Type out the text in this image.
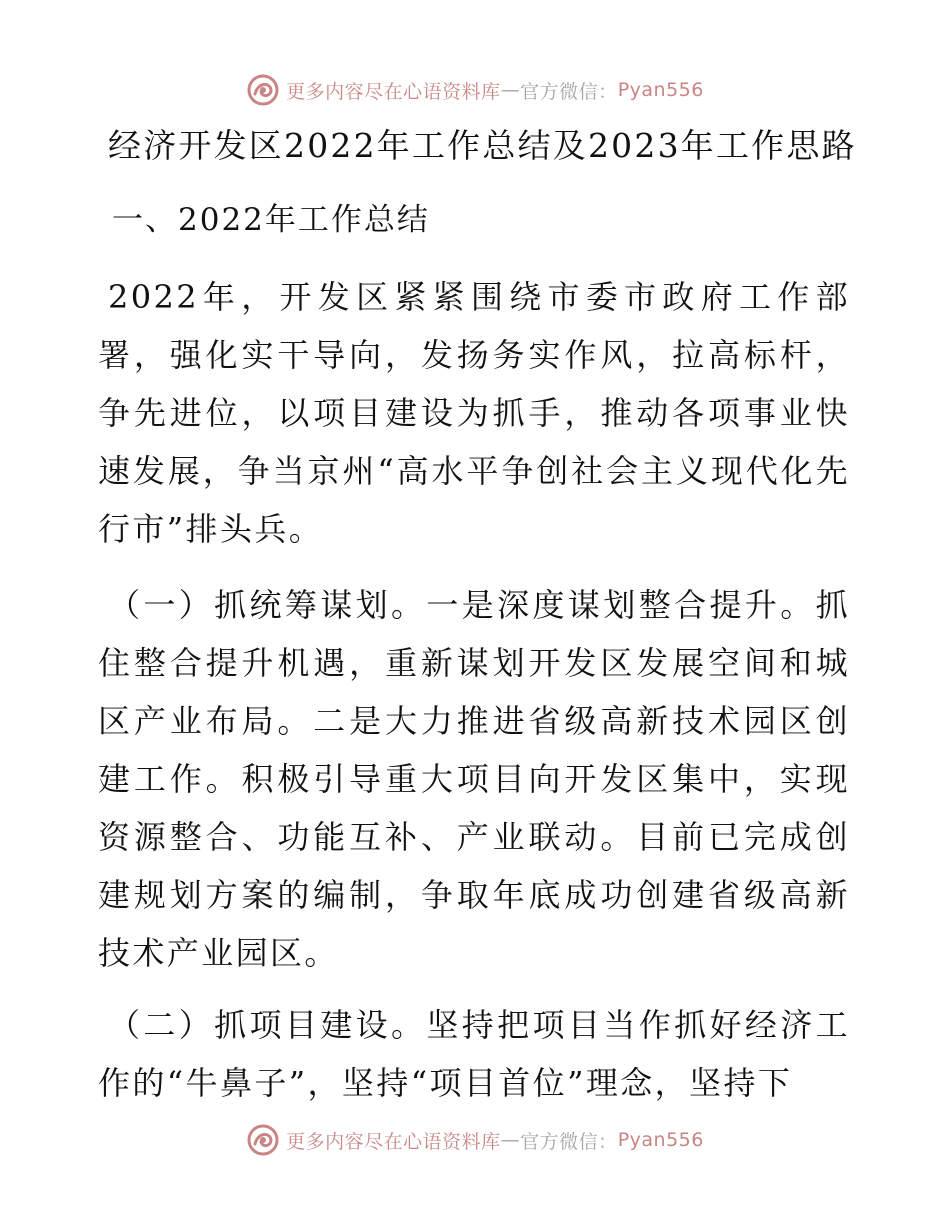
更多内容尽在心语资料库 — 官方微信： Pyan556
经济开发区2022年工作总结及2023年工作思路
一、2022年工作总结

2022年，开发区紧紧围绕市委市政府工作部署，强化实干导向，发扬务实作风，拉高标杆，争先进位，以项目建设为抓手，推动各项事业快速发展，争当京州“高水平争创社会主义现代化先行市”排头兵。

（一）抓统筹谋划。一是深度谋划整合提升。抓住整合提升机遇，重新谋划开发区发展空间和城区产业布局。二是大力推进省级高新技术园区创建工作。积极引导重大项目向开发区集中，实现资源整合、功能互补、产业联动。目前已完成创建规划方案的编制，争取年底成功创建省级高新技术产业园区。

（二）抓项目建设。坚持把项目当作抓好经济工作的“牛鼻子”，坚持“项目首位”理念，坚持下

更多内容尽在心语资料库 — 官方微信： Pyan556
